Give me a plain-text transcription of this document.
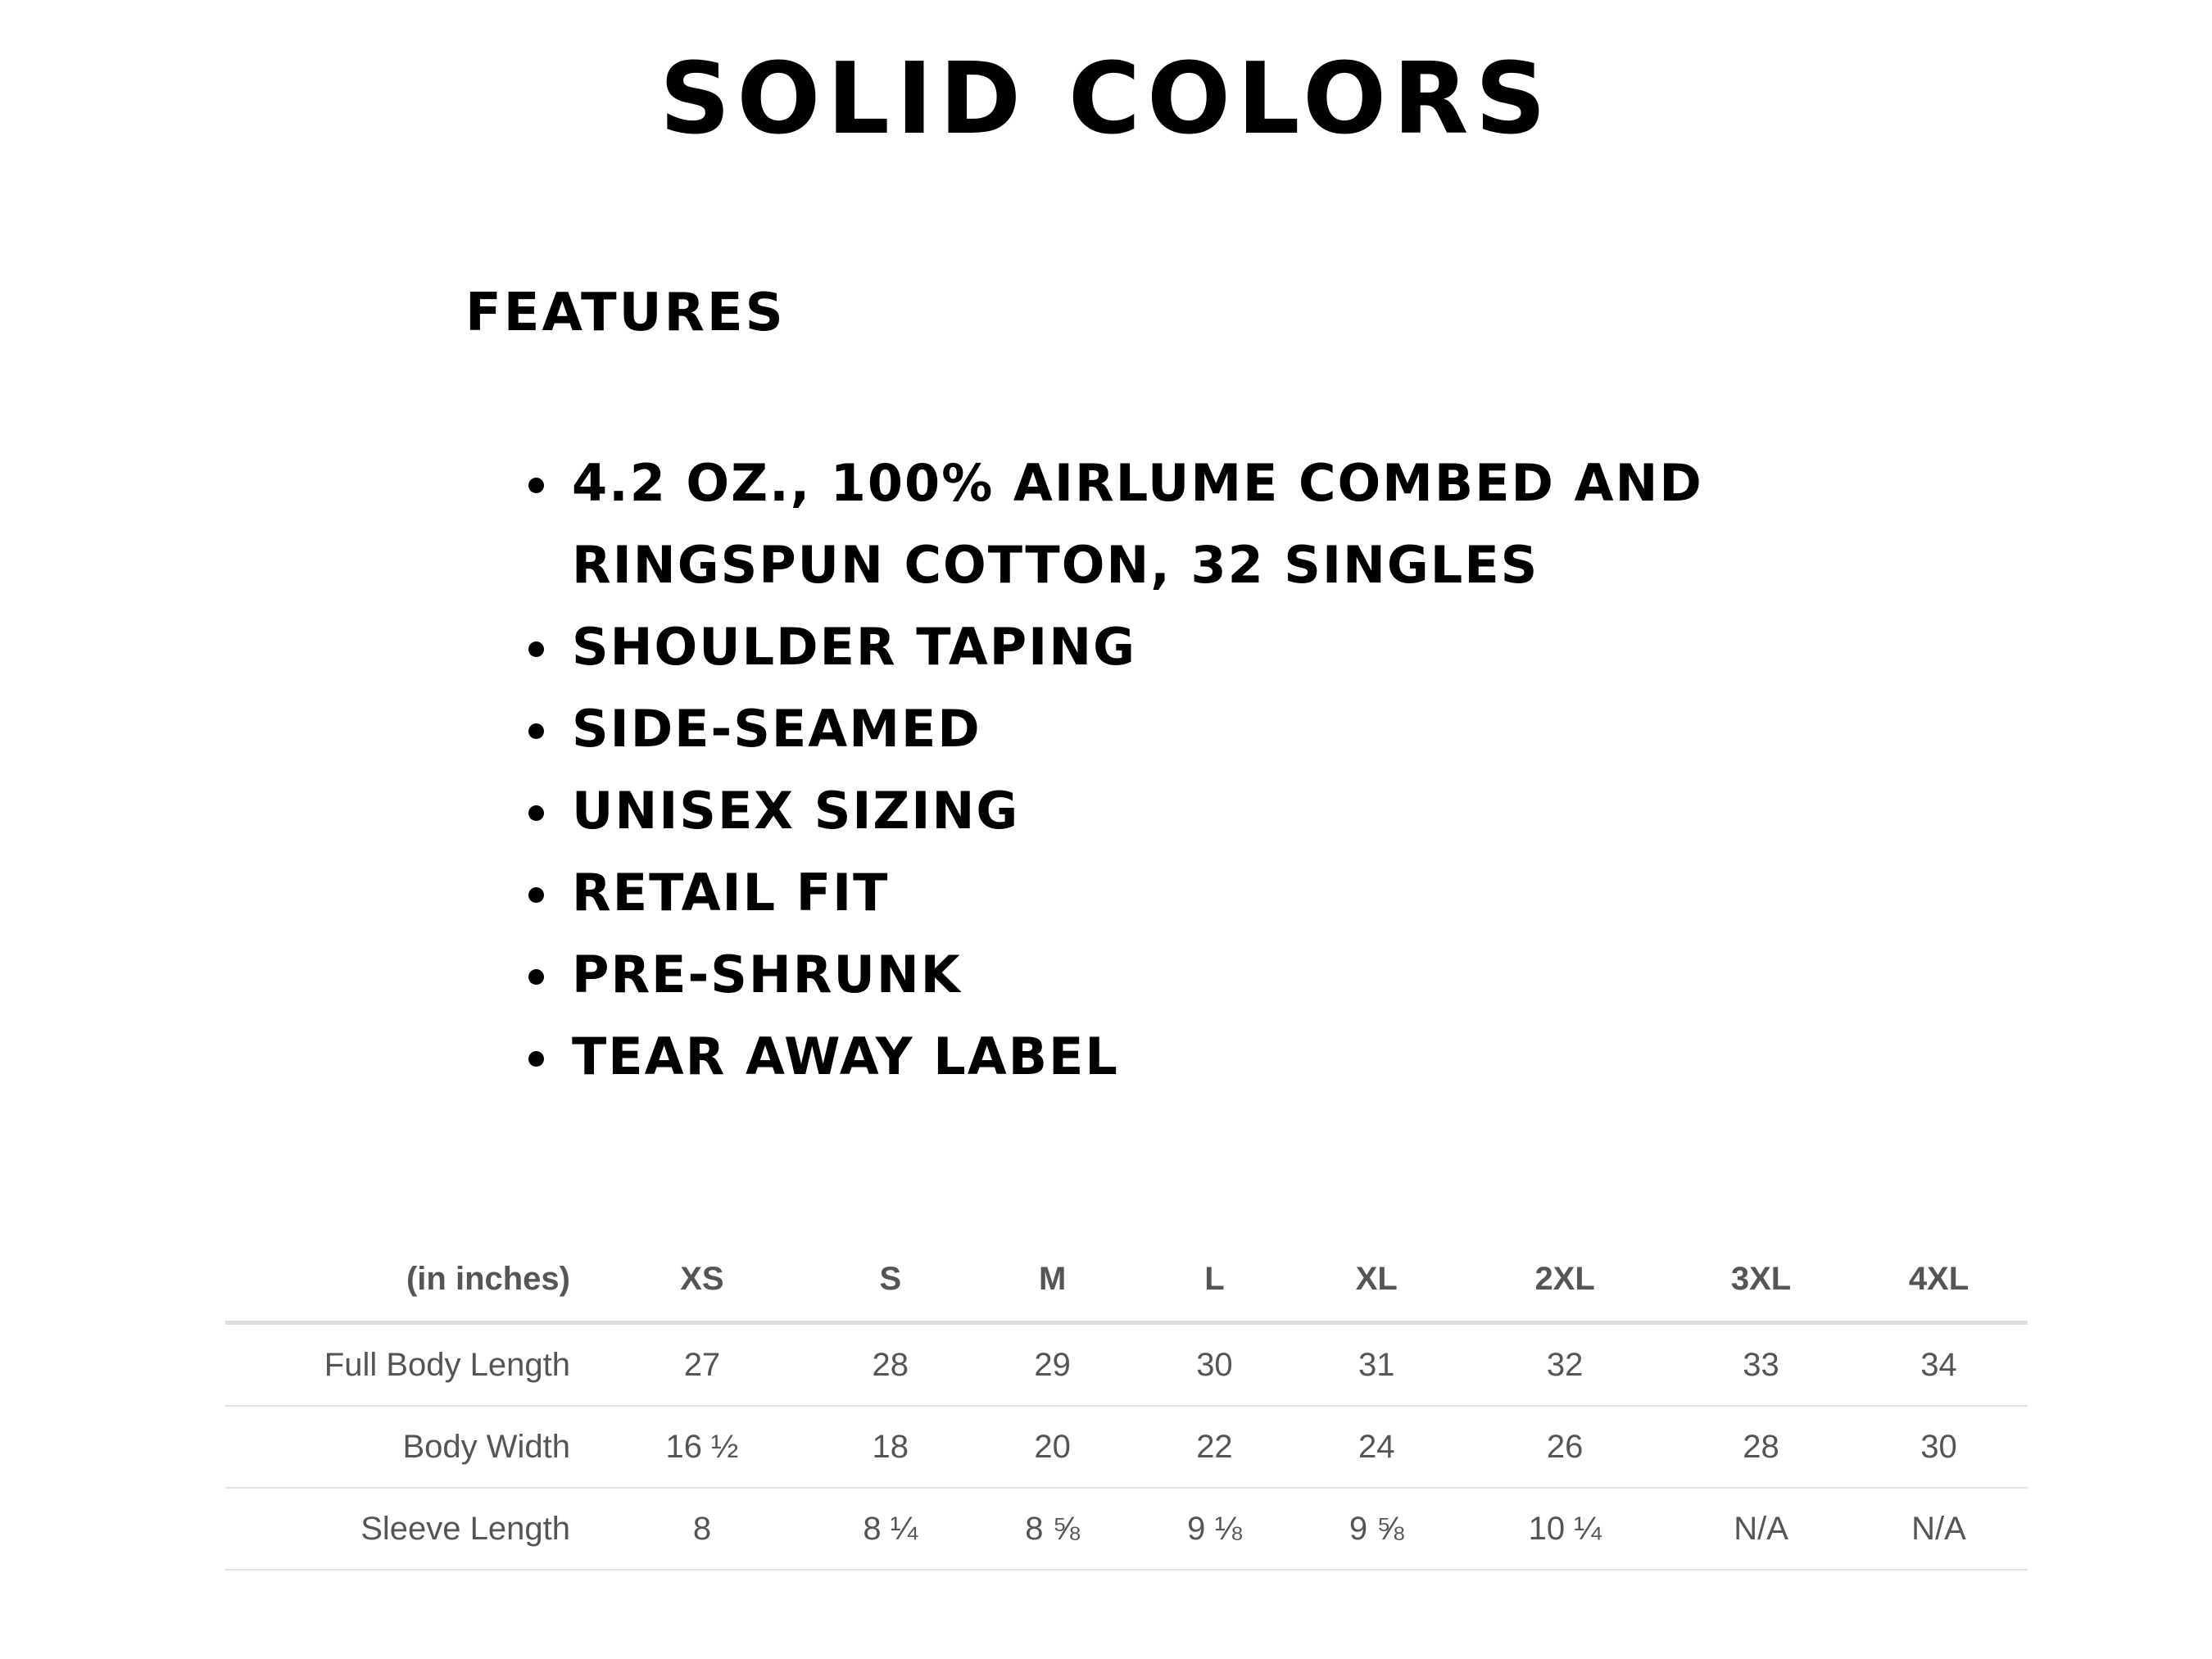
SOLID COLORS
FEATURES
• 4.2 OZ., 100% AIRLUME COMBED AND RINGSPUN COTTON, 32 SINGLES
• SHOULDER TAPING
• SIDE-SEAMED
• UNISEX SIZING
• RETAIL FIT
• PRE-SHRUNK
• TEAR AWAY LABEL
(in inches)	XS	S	M	L	XL	2XL	3XL	4XL
Full Body Length	27	28	29	30	31	32	33	34
Body Width	16 ½	18	20	22	24	26	28	30
Sleeve Length	8	8 ¼	8 ⅝	9 ⅛	9 ⅝	10 ¼	N/A	N/A
